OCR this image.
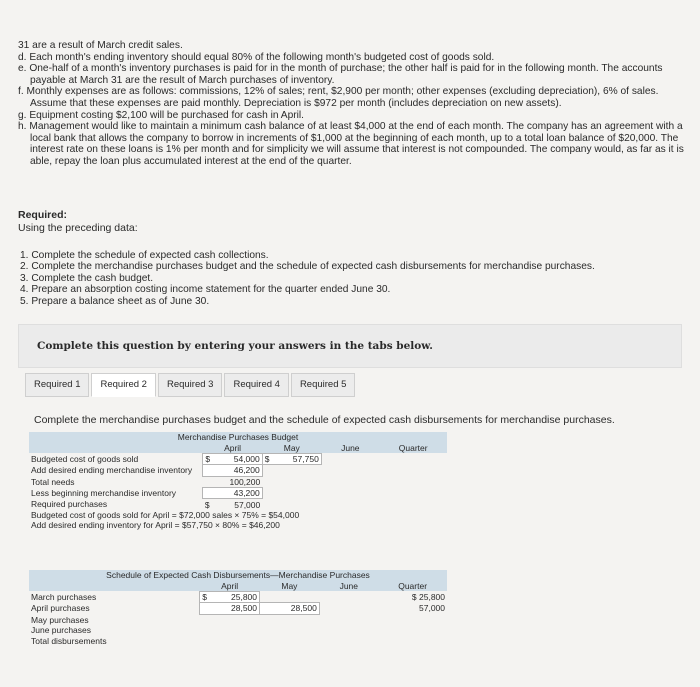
31 are a result of March credit sales.

d. Each month's ending inventory should equal 80% of the following month's budgeted cost of goods sold.

e. One-half of a month's inventory purchases is paid for in the month of purchase; the other half is paid for in the following month. The accounts payable at March 31 are the result of March purchases of inventory.

f. Monthly expenses are as follows: commissions, 12% of sales; rent, $2,900 per month; other expenses (excluding depreciation), 6% of sales. Assume that these expenses are paid monthly. Depreciation is $972 per month (includes depreciation on new assets).

g. Equipment costing $2,100 will be purchased for cash in April.

h. Management would like to maintain a minimum cash balance of at least $4,000 at the end of each month. The company has an agreement with a local bank that allows the company to borrow in increments of $1,000 at the beginning of each month, up to a total loan balance of $20,000. The interest rate on these loans is 1% per month and for simplicity we will assume that interest is not compounded. The company would, as far as it is able, repay the loan plus accumulated interest at the end of the quarter.

Required:
Using the preceding data:

1. Complete the schedule of expected cash collections.

2. Complete the merchandise purchases budget and the schedule of expected cash disbursements for merchandise purchases.

3. Complete the cash budget.

4. Prepare an absorption costing income statement for the quarter ended June 30.

5. Prepare a balance sheet as of June 30.

Complete this question by entering your answers in the tabs below.
Required 1	Required 2	Required 3	Required 4	Required 5
Complete the merchandise purchases budget and the schedule of expected cash disbursements for merchandise purchases.
Merchandise Purchases Budget				
	April	May	June	Quarter
Budgeted cost of goods sold	$ 54,000	$ 57,750		
Add desired ending merchandise inventory	46,200			
Total needs	100,200			
Less beginning merchandise inventory	43,200			
Required purchases	$ 57,000			
Budgeted cost of goods sold for April = $72,000 sales × 75% = $54,000				
Add desired ending inventory for April = $57,750 × 80% = $46,200				
Schedule of Expected Cash Disbursements—Merchandise Purchases				
	April	May	June	Quarter
March purchases	$ 25,800			$ 25,800
April purchases	28,500	28,500		57,000
May purchases				
June purchases				
Total disbursements				
